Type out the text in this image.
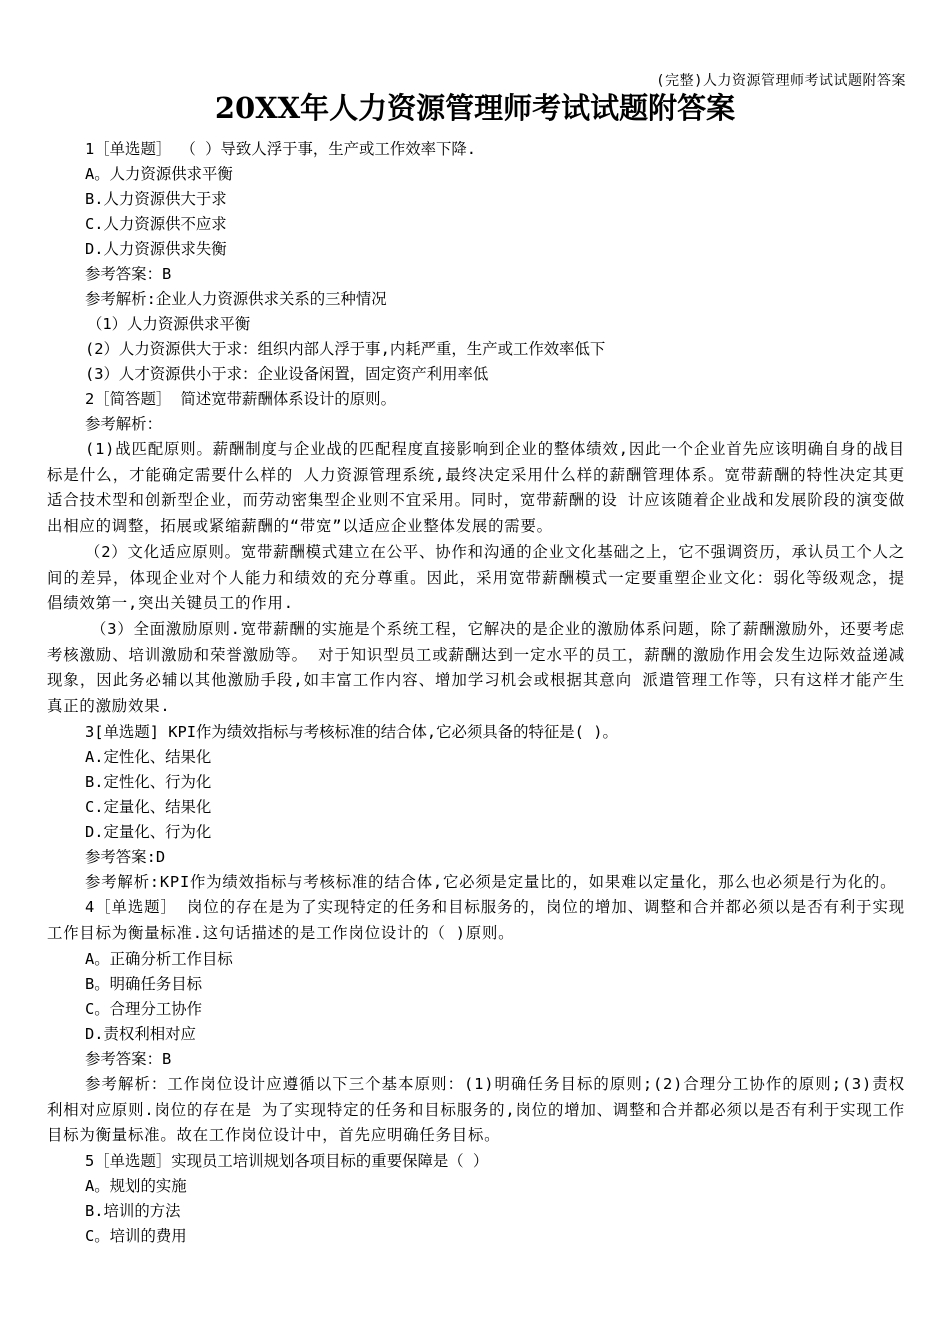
(完整)人力资源管理师考试试题附答案
20XX年人力资源管理师考试试题附答案

1［单选题］ （ ）导致人浮于事，生产或工作效率下降.

A。人力资源供求平衡

B.人力资源供大于求

C.人力资源供不应求

D.人力资源供求失衡

参考答案：B

参考解析:企业人力资源供求关系的三种情况

（1）人力资源供求平衡

(2）人力资源供大于求：组织内部人浮于事,内耗严重，生产或工作效率低下

(3）人才资源供小于求：企业设备闲置，固定资产利用率低

2［简答题］ 简述宽带薪酬体系设计的原则。

参考解析：

(1)战匹配原则。薪酬制度与企业战的匹配程度直接影响到企业的整体绩效,因此一个企业首先应该明确自身的战目标是什么，才能确定需要什么样的 人力资源管理系统,最终决定采用什么样的薪酬管理体系。宽带薪酬的特性决定其更适合技术型和创新型企业，而劳动密集型企业则不宜采用。同时，宽带薪酬的设 计应该随着企业战和发展阶段的演变做出相应的调整，拓展或紧缩薪酬的“带宽”以适应企业整体发展的需要。

（2）文化适应原则。宽带薪酬模式建立在公平、协作和沟通的企业文化基础之上，它不强调资历，承认员工个人之间的差异，体现企业对个人能力和绩效的充分尊重。因此，采用宽带薪酬模式一定要重塑企业文化：弱化等级观念，提倡绩效第一,突出关键员工的作用.

（3）全面激励原则.宽带薪酬的实施是个系统工程，它解决的是企业的激励体系问题，除了薪酬激励外，还要考虑考核激励、培训激励和荣誉激励等。 对于知识型员工或薪酬达到一定水平的员工，薪酬的激励作用会发生边际效益递减现象，因此务必辅以其他激励手段,如丰富工作内容、增加学习机会或根据其意向 派遣管理工作等，只有这样才能产生真正的激励效果.

3[单选题] KPI作为绩效指标与考核标准的结合体,它必须具备的特征是( )。

A.定性化、结果化

B.定性化、行为化

C.定量化、结果化

D.定量化、行为化

参考答案:D

参考解析:KPI作为绩效指标与考核标准的结合体,它必须是定量比的，如果难以定量化，那么也必须是行为化的。

4［单选题］ 岗位的存在是为了实现特定的任务和目标服务的，岗位的增加、调整和合并都必须以是否有利于实现工作目标为衡量标准.这句话描述的是工作岗位设计的（ )原则。

A。正确分析工作目标

B。明确任务目标

C。合理分工协作

D.责权利相对应

参考答案：B

参考解析：工作岗位设计应遵循以下三个基本原则：(1)明确任务目标的原则;(2)合理分工协作的原则;(3)责权利相对应原则.岗位的存在是 为了实现特定的任务和目标服务的,岗位的增加、调整和合并都必须以是否有利于实现工作目标为衡量标准。故在工作岗位设计中，首先应明确任务目标。

5［单选题］实现员工培训规划各项目标的重要保障是（ ）

A。规划的实施

B.培训的方法

C。培训的费用
